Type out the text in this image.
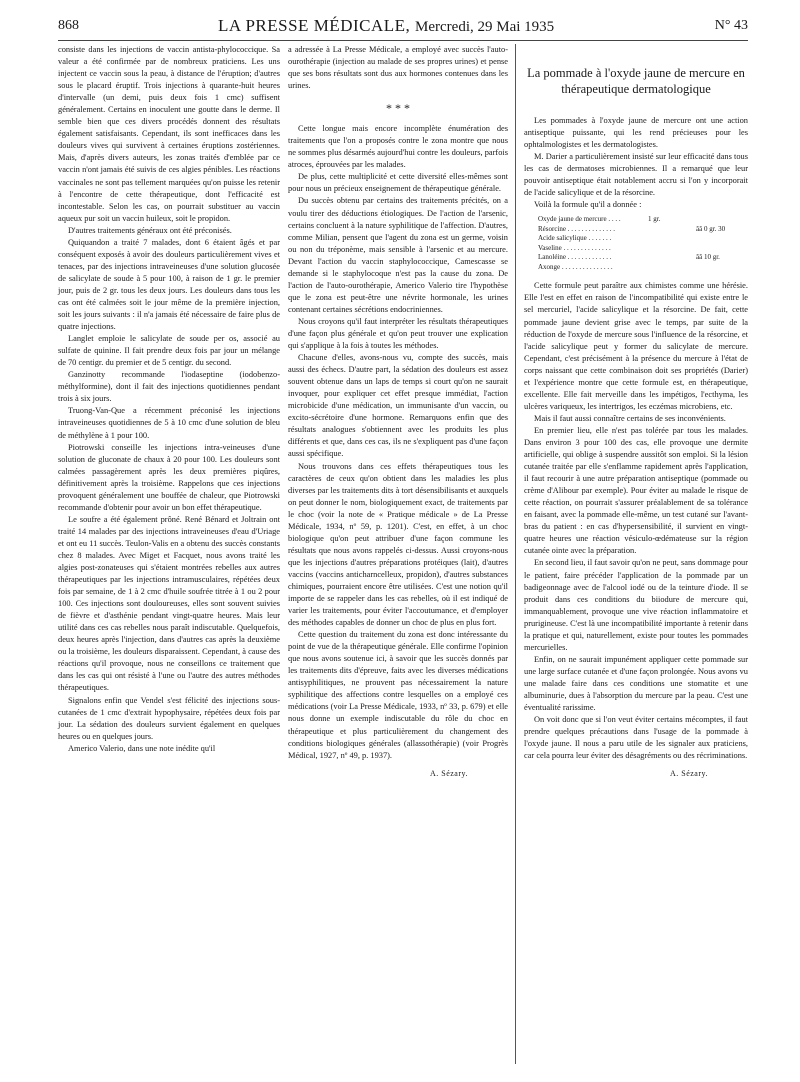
868	LA PRESSE MÉDICALE, Mercredi, 29 Mai 1935	N° 43

consiste dans les injections de vaccin antista-phylococcique. Sa valeur a été confirmée par de nombreux praticiens. Les uns injectent ce vaccin sous la peau, à distance de l'éruption; d'autres sous le placard éruptif. Trois injections à quarante-huit heures d'intervalle (un demi, puis deux fois 1 cmc) suffisent généralement. Certains en inoculent une goutte dans le derme. Il semble bien que ces divers procédés donnent des résultats également satisfaisants. Cependant, ils sont inefficaces dans les douleurs vives qui survivent à certaines éruptions zostériennes. Mais, d'après divers auteurs, les zonas traités d'emblée par ce vaccin n'ont jamais été suivis de ces algies pénibles. Les réactions vaccinales ne sont pas tellement marquées qu'on puisse les retenir à l'encontre de cette thérapeutique, dont l'efficacité est incontestable. Selon les cas, on pourrait substituer au vaccin aqueux pur soit un vaccin huileux, soit le propidon.

D'autres traitements généraux ont été préconisés.

Quiquandon a traité 7 malades, dont 6 étaient âgés et par conséquent exposés à avoir des douleurs particulièrement vives et tenaces, par des injections intraveineuses d'une solution glucosée de salicylate de soude à 5 pour 100, à raison de 1 gr. le premier jour, puis de 2 gr. tous les deux jours. Les douleurs dans tous les cas ont été calmées soit le jour même de la première injection, soit les jours suivants : il n'a jamais été nécessaire de faire plus de quatre injections.

Langlet emploie le salicylate de soude per os, associé au sulfate de quinine. Il fait prendre deux fois par jour un mélange de 70 centigr. du premier et de 5 centigr. du second.

Ganzinotty recommande l'iodaseptine (iodobenzo-méthylformine), dont il fait des injections quotidiennes pendant trois à six jours.

Truong-Van-Que a récemment préconisé les injections intraveineuses quotidiennes de 5 à 10 cmc d'une solution de bleu de méthylène à 1 pour 100.

Piotrowski conseille les injections intra-veineuses d'une solution de gluconate de chaux à 20 pour 100. Les douleurs sont calmées passagèrement après les deux premières piqûres, définitivement après la troisième. Rappelons que ces injections provoquent généralement une bouffée de chaleur, que Piotrowski recommande d'obtenir pour avoir un bon effet thérapeutique.

Le soufre a été également prôné. René Bénard et Joltrain ont traité 14 malades par des injections intraveineuses d'eau d'Uriage et ont eu 11 succès. Teulon-Valis en a obtenu des succès constants chez 8 malades. Avec Miget et Facquet, nous avons traité les algies post-zonateuses qui s'étaient montrées rebelles aux autres thérapeutiques par les injections intramusculaires, répétées deux fois par semaine, de 1 à 2 cmc d'huile soufrée titrée à 1 ou 2 pour 100. Ces injections sont douloureuses, elles sont souvent suivies de fièvre et d'asthénie pendant vingt-quatre heures. Mais leur utilité dans ces cas rebelles nous paraît indiscutable. Quelquefois, deux heures après l'injection, dans d'autres cas après la deuxième ou la troisième, les douleurs disparaissent. Cependant, à cause des réactions qu'il provoque, nous ne conseillons ce traitement que dans les cas qui ont résisté à l'une ou l'autre des autres méthodes thérapeutiques.

Signalons enfin que Vendel s'est félicité des injections sous-cutanées de 1 cmc d'extrait hypophysaire, répétées deux fois par jour. La sédation des douleurs survient également en quelques heures ou en quelques jours.

Americo Valerio, dans une note inédite qu'il

a adressée à La Presse Médicale, a employé avec succès l'auto-ourothérapie (injection au malade de ses propres urines) et pense que ses bons résultats sont dus aux hormones contenues dans les urines.

* * *

Cette longue mais encore incomplète énumération des traitements que l'on a proposés contre le zona montre que nous ne sommes plus désarmés aujourd'hui contre les douleurs, parfois atroces, éprouvées par les malades.

De plus, cette multiplicité et cette diversité elles-mêmes sont pour nous un précieux enseignement de thérapeutique générale.

Du succès obtenu par certains des traitements précités, on a voulu tirer des déductions étiologiques. De l'action de l'arsenic, certains concluent à la nature syphilitique de l'affection. D'autres, comme Milian, pensent que l'agent du zona est un germe, voisin ou non du tréponème, mais sensible à l'arsenic et au mercure. Devant l'action du vaccin staphylococcique, Camescasse se demande si le staphylocoque n'est pas la cause du zona. De l'action de l'auto-ourothérapie, Americo Valerio tire l'hypothèse que le zona est peut-être une névrite hormonale, les urines contenant certaines sécrétions endocriniennes.

Nous croyons qu'il faut interpréter les résultats thérapeutiques d'une façon plus générale et qu'on peut trouver une explication qui s'applique à la fois à toutes les méthodes.

Chacune d'elles, avons-nous vu, compte des succès, mais aussi des échecs. D'autre part, la sédation des douleurs est assez souvent obtenue dans un laps de temps si court qu'on ne saurait invoquer, pour expliquer cet effet presque immédiat, l'action microbicide d'une médication, un immunisante d'un vaccin, ou excito-sécrétoire d'une hormone. Remarquons enfin que des résultats analogues s'obtiennent avec les produits les plus différents et que, dans ces cas, ils ne s'expliquent pas d'une façon aussi spécifique.

Nous trouvons dans ces effets thérapeutiques tous les caractères de ceux qu'on obtient dans les maladies les plus diverses par les traitements dits à tort désensibilisants et auxquels on peut donner le nom, biologiquement exact, de traitements par le choc (voir la note de « Pratique médicale » de La Presse Médicale, 1934, nº 59, p. 1201). C'est, en effet, à un choc biologique qu'on peut attribuer d'une façon commune les résultats que nous avons rappelés ci-dessus. Aussi croyons-nous que les injections d'autres préparations protéiques (lait), d'autres vaccins (vaccins anticharncelleux, propidon), d'autres substances chimiques, pourraient encore être utilisées. C'est une notion qu'il importe de se rappeler dans les cas rebelles, où il est indiqué de varier les traitements, pour éviter l'accoutumance, et d'employer des méthodes capables de donner un choc de plus en plus fort.

Cette question du traitement du zona est donc intéressante du point de vue de la thérapeutique générale. Elle confirme l'opinion que nous avons soutenue ici, à savoir que les succès donnés par les traitements dits d'épreuve, faits avec les diverses médications antisyphilitiques, ne prouvent pas nécessairement la nature syphilitique des affections contre lesquelles on a employé ces médications (voir La Presse Médicale, 1933, nº 33, p. 679) et elle nous donne un exemple indiscutable du rôle du choc en thérapeutique et plus particulièrement du changement des conditions biologiques générales (allassothérapie) (voir Progrès Médical, 1927, nº 49, p. 1937).

A. Sézary.
La pommade à l'oxyde jaune de mercure en thérapeutique dermatologique

Les pommades à l'oxyde jaune de mercure ont une action antiseptique puissante, qui les rend précieuses pour les ophtalmologistes et les dermatologistes.

M. Darier a particulièrement insisté sur leur efficacité dans tous les cas de dermatoses microbiennes. Il a remarqué que leur pouvoir antiseptique était notablement accru si l'on y incorporait de l'acide salicylique et de la résorcine.

Voilà la formule qu'il a donnée :

Oxyde jaune de mercure . . . .	1 gr.
Résorcine . . . . . . . . . . . . . .	ââ 0 gr. 30
Acide salicylique . . . . . . .
Vaseline . . . . . . . . . . . . . .
Lanoléine . . . . . . . . . . . . .	ââ 10 gr.
Axonge . . . . . . . . . . . . . . .

Cette formule peut paraître aux chimistes comme une hérésie. Elle l'est en effet en raison de l'incompatibilité qui existe entre le sel mercuriel, l'acide salicylique et la résorcine. De fait, cette pommade jaune devient grise avec le temps, par suite de la réduction de l'oxyde de mercure sous l'influence de la résorcine, et l'acide salicylique peut y former du salicylate de mercure. Cependant, c'est précisément à la présence du mercure à l'état de corps naissant que cette combinaison doit ses propriétés (Darier) et l'expérience montre que cette formule est, en thérapeutique, excellente. Elle fait merveille dans les impétigos, l'ecthyma, les ulcères variqueux, les intertrigos, les eczémas microbiens, etc.

Mais il faut aussi connaître certains de ses inconvénients.

En premier lieu, elle n'est pas tolérée par tous les malades. Dans environ 3 pour 100 des cas, elle provoque une dermite artificielle, qui oblige à suspendre aussitôt son emploi. Si la lésion cutanée traitée par elle s'enflamme rapidement après l'application, il faut recourir à une autre préparation antiseptique (pommade ou crème d'Alibour par exemple). Pour éviter au malade le risque de cette réaction, on pourrait s'assurer préalablement de sa tolérance en faisant, avec la pommade elle-même, un test cutané sur l'avant-bras du patient : en cas d'hypersensibilité, il survient en vingt-quatre heures une réaction vésiculo-œdémateuse sur la région cutanée ointe avec la préparation.

En second lieu, il faut savoir qu'on ne peut, sans dommage pour le patient, faire précéder l'application de la pommade par un badigeonnage avec de l'alcool iodé ou de la teinture d'iode. Il se produit dans ces conditions du biiodure de mercure qui, immanquablement, provoque une vive réaction inflammatoire et prurigineuse. C'est là une incompatibilité importante à retenir dans la pratique et qui, naturellement, existe pour toutes les pommades mercurielles.

Enfin, on ne saurait impunément appliquer cette pommade sur une large surface cutanée et d'une façon prolongée. Nous avons vu une malade faire dans ces conditions une stomatite et une albuminurie, dues à l'absorption du mercure par la peau. C'est une éventualité rarissime.

On voit donc que si l'on veut éviter certains mécomptes, il faut prendre quelques précautions dans l'usage de la pommade à l'oxyde jaune. Il nous a paru utile de les signaler aux praticiens, car cela pourra leur éviter des désagréments ou des récriminations.

A. Sézary.
